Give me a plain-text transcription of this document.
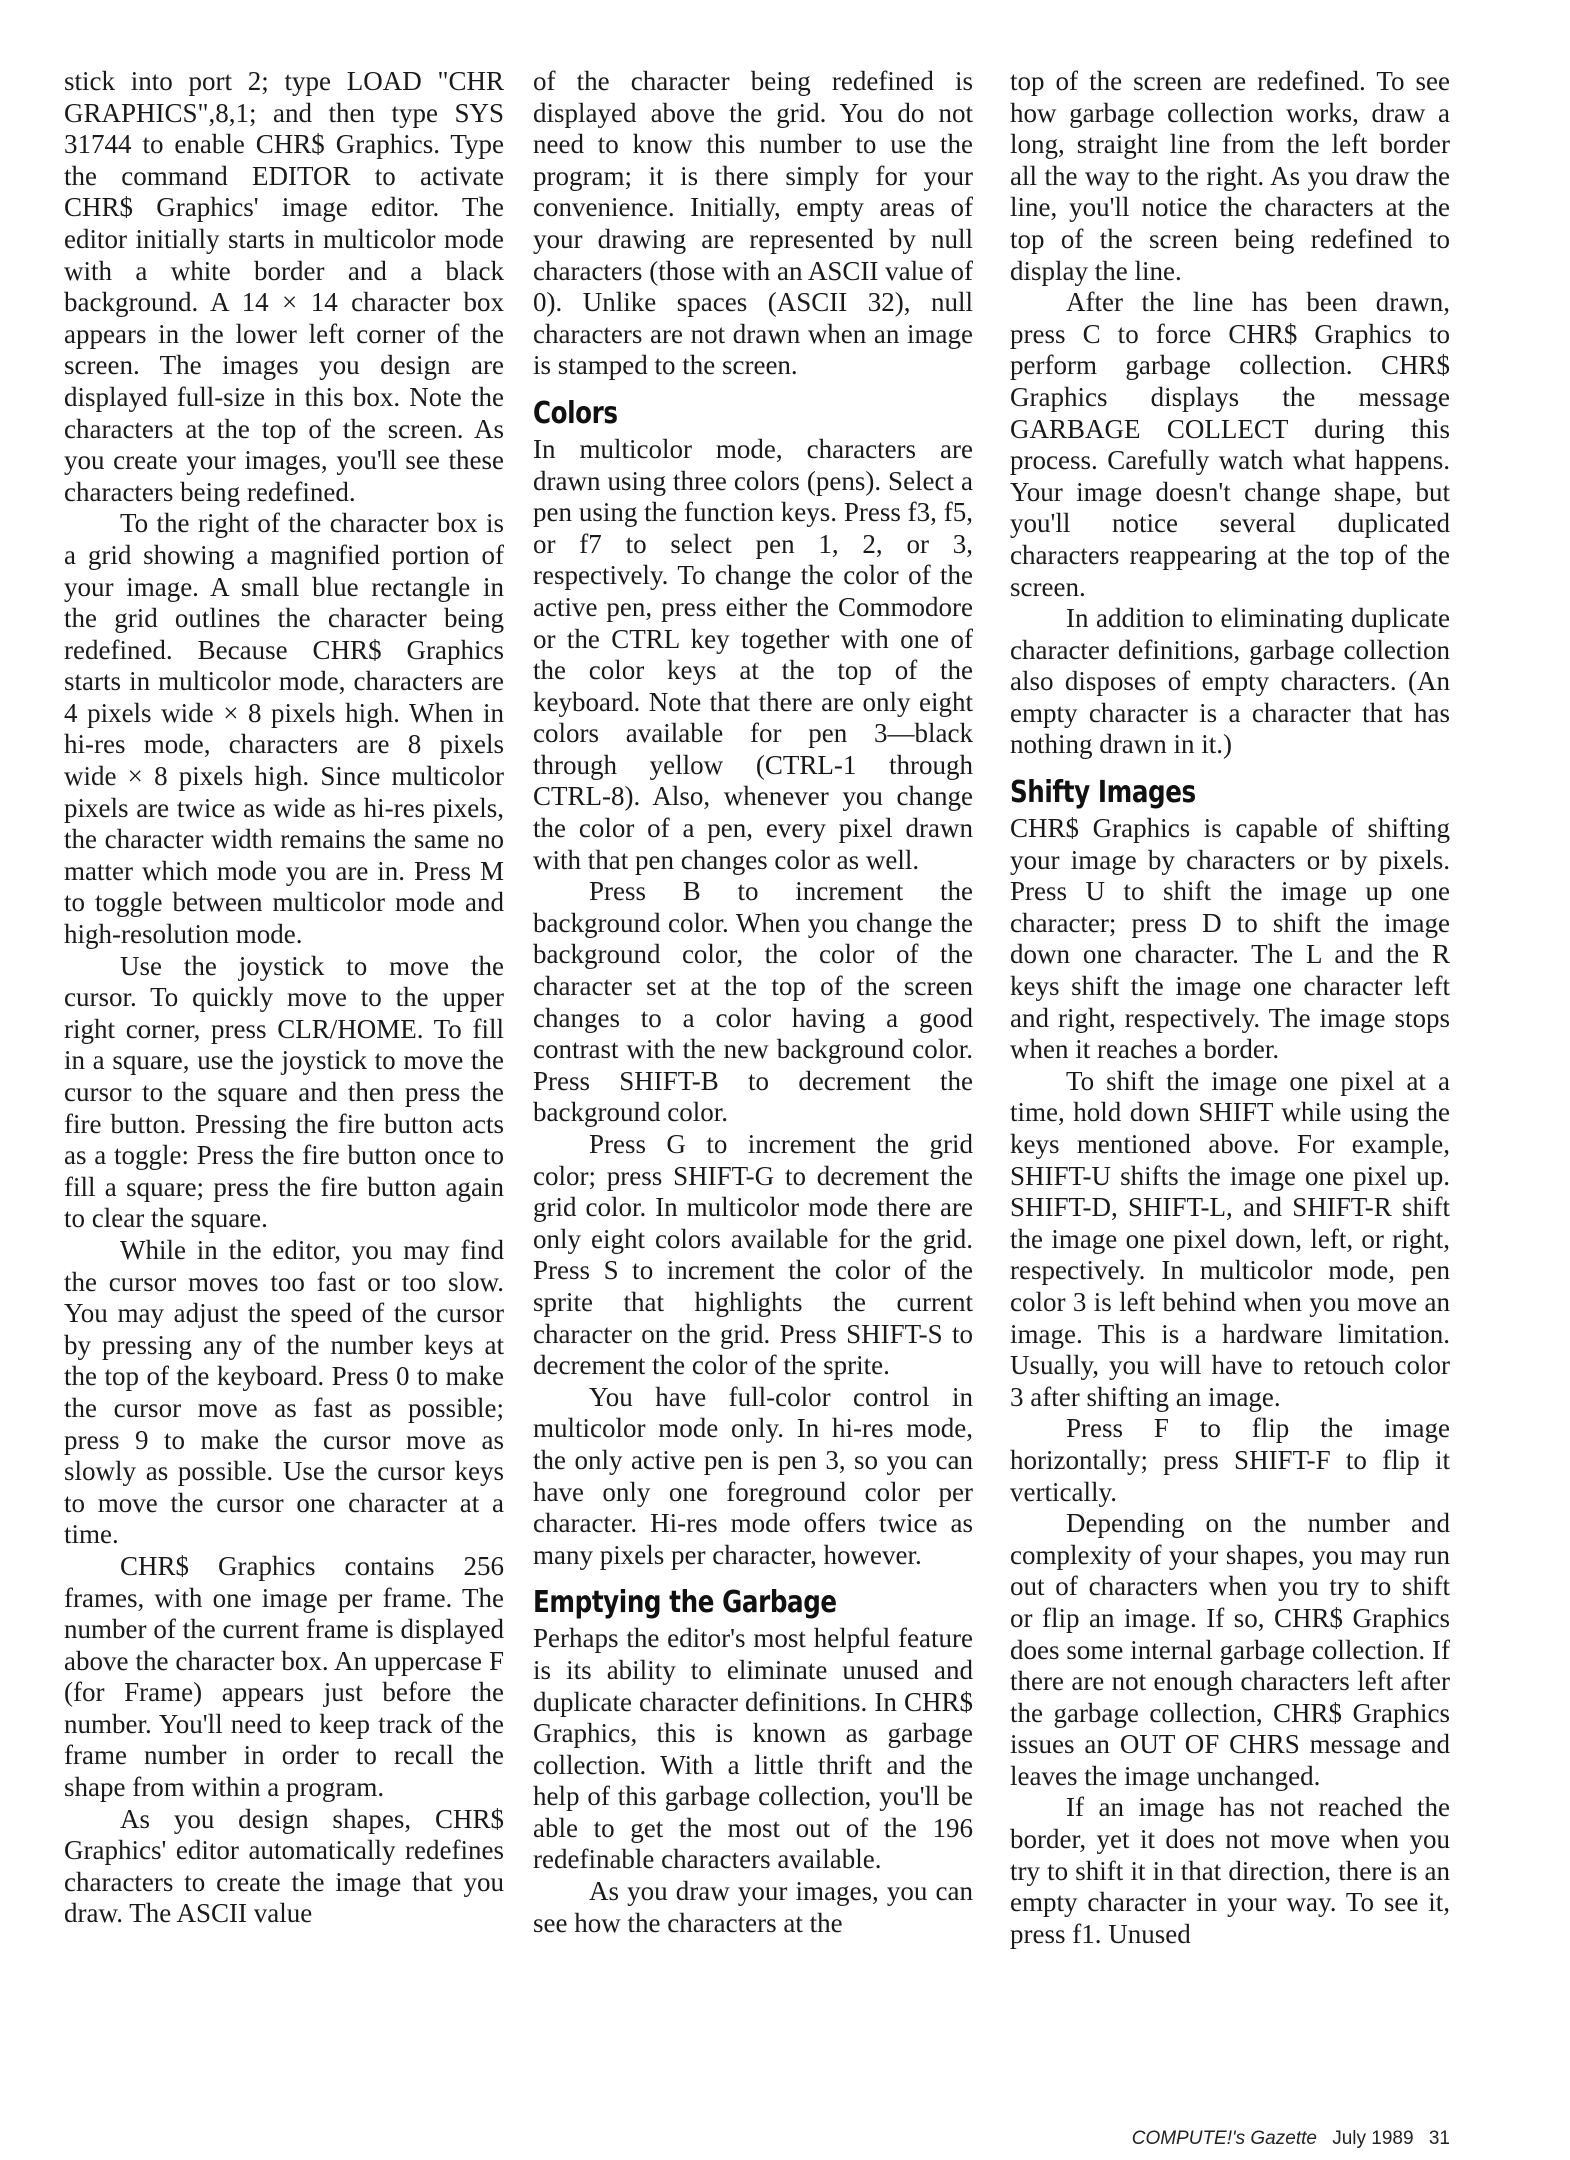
stick into port 2; type LOAD "CHR GRAPHICS",8,1; and then type SYS 31744 to enable CHR$ Graphics. Type the command EDITOR to activate CHR$ Graphics' image editor. The editor initially starts in multicolor mode with a white border and a black background. A 14 × 14 character box appears in the lower left corner of the screen. The images you design are displayed full-size in this box. Note the characters at the top of the screen. As you create your images, you'll see these characters being redefined.

To the right of the character box is a grid showing a magnified portion of your image. A small blue rectangle in the grid outlines the character being redefined. Because CHR$ Graphics starts in multicolor mode, characters are 4 pixels wide × 8 pixels high. When in hi-res mode, characters are 8 pixels wide × 8 pixels high. Since multicolor pixels are twice as wide as hi-res pixels, the character width remains the same no matter which mode you are in. Press M to toggle between multicolor mode and high-resolution mode.

Use the joystick to move the cursor. To quickly move to the upper right corner, press CLR/HOME. To fill in a square, use the joystick to move the cursor to the square and then press the fire button. Pressing the fire button acts as a toggle: Press the fire button once to fill a square; press the fire button again to clear the square.

While in the editor, you may find the cursor moves too fast or too slow. You may adjust the speed of the cursor by pressing any of the number keys at the top of the keyboard. Press 0 to make the cursor move as fast as possible; press 9 to make the cursor move as slowly as possible. Use the cursor keys to move the cursor one character at a time.

CHR$ Graphics contains 256 frames, with one image per frame. The number of the current frame is displayed above the character box. An uppercase F (for Frame) appears just before the number. You'll need to keep track of the frame number in order to recall the shape from within a program.

As you design shapes, CHR$ Graphics' editor automatically redefines characters to create the image that you draw. The ASCII value

of the character being redefined is displayed above the grid. You do not need to know this number to use the program; it is there simply for your convenience. Initially, empty areas of your drawing are represented by null characters (those with an ASCII value of 0). Unlike spaces (ASCII 32), null characters are not drawn when an image is stamped to the screen.

Colors

In multicolor mode, characters are drawn using three colors (pens). Select a pen using the function keys. Press f3, f5, or f7 to select pen 1, 2, or 3, respectively. To change the color of the active pen, press either the Commodore or the CTRL key together with one of the color keys at the top of the keyboard. Note that there are only eight colors available for pen 3—black through yellow (CTRL-1 through CTRL-8). Also, whenever you change the color of a pen, every pixel drawn with that pen changes color as well.

Press B to increment the background color. When you change the background color, the color of the character set at the top of the screen changes to a color having a good contrast with the new background color. Press SHIFT-B to decrement the background color.

Press G to increment the grid color; press SHIFT-G to decrement the grid color. In multicolor mode there are only eight colors available for the grid. Press S to increment the color of the sprite that highlights the current character on the grid. Press SHIFT-S to decrement the color of the sprite.

You have full-color control in multicolor mode only. In hi-res mode, the only active pen is pen 3, so you can have only one foreground color per character. Hi-res mode offers twice as many pixels per character, however.

Emptying the Garbage

Perhaps the editor's most helpful feature is its ability to eliminate unused and duplicate character definitions. In CHR$ Graphics, this is known as garbage collection. With a little thrift and the help of this garbage collection, you'll be able to get the most out of the 196 redefinable characters available.

As you draw your images, you can see how the characters at the

top of the screen are redefined. To see how garbage collection works, draw a long, straight line from the left border all the way to the right. As you draw the line, you'll notice the characters at the top of the screen being redefined to display the line.

After the line has been drawn, press C to force CHR$ Graphics to perform garbage collection. CHR$ Graphics displays the message GARBAGE COLLECT during this process. Carefully watch what happens. Your image doesn't change shape, but you'll notice several duplicated characters reappearing at the top of the screen.

In addition to eliminating duplicate character definitions, garbage collection also disposes of empty characters. (An empty character is a character that has nothing drawn in it.)

Shifty Images

CHR$ Graphics is capable of shifting your image by characters or by pixels. Press U to shift the image up one character; press D to shift the image down one character. The L and the R keys shift the image one character left and right, respectively. The image stops when it reaches a border.

To shift the image one pixel at a time, hold down SHIFT while using the keys mentioned above. For example, SHIFT-U shifts the image one pixel up. SHIFT-D, SHIFT-L, and SHIFT-R shift the image one pixel down, left, or right, respectively. In multicolor mode, pen color 3 is left behind when you move an image. This is a hardware limitation. Usually, you will have to retouch color 3 after shifting an image.

Press F to flip the image horizontally; press SHIFT-F to flip it vertically.

Depending on the number and complexity of your shapes, you may run out of characters when you try to shift or flip an image. If so, CHR$ Graphics does some internal garbage collection. If there are not enough characters left after the garbage collection, CHR$ Graphics issues an OUT OF CHRS message and leaves the image unchanged.

If an image has not reached the border, yet it does not move when you try to shift it in that direction, there is an empty character in your way. To see it, press f1. Unused

COMPUTE!'s Gazette July 1989 31
